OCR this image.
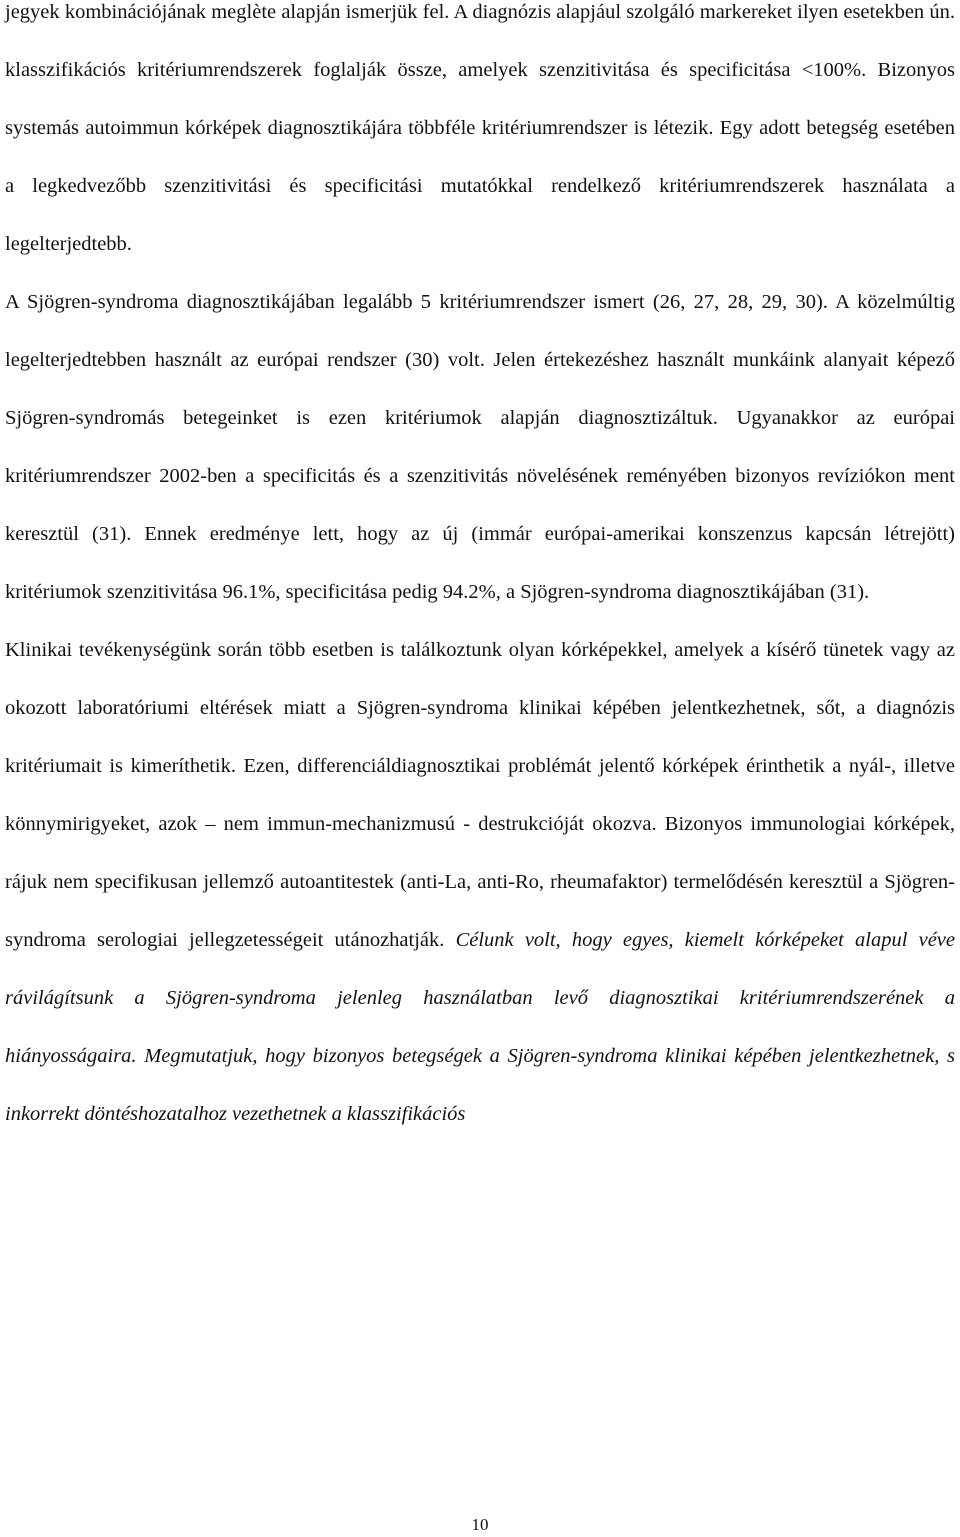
jegyek kombinációjának meglète alapján ismerjük fel. A diagnózis alapjául szolgáló markereket ilyen esetekben ún. klasszifikációs kritériumrendszerek foglalják össze, amelyek szenzitivitása és specificitása <100%. Bizonyos systemás autoimmun kórképek diagnosztikájára többféle kritériumrendszer is létezik. Egy adott betegség esetében a legkedvezőbb szenzitivitási és specificitási mutatókkal rendelkező kritériumrendszerek használata a legelterjedtebb.

A Sjögren-syndroma diagnosztikájában legalább 5 kritériumrendszer ismert (26, 27, 28, 29, 30). A közelmúltig legelterjedtebben használt az európai rendszer (30) volt. Jelen értekezéshez használt munkáink alanyait képező Sjögren-syndromás betegeinket is ezen kritériumok alapján diagnosztizáltuk. Ugyanakkor az európai kritériumrendszer 2002-ben a specificitás és a szenzitivitás növelésének reményében bizonyos revíziókon ment keresztül (31). Ennek eredménye lett, hogy az új (immár európai-amerikai konszenzus kapcsán létrejött) kritériumok szenzitivitása 96.1%, specificitása pedig 94.2%, a Sjögren-syndroma diagnosztikájában (31).

Klinikai tevékenységünk során több esetben is találkoztunk olyan kórképekkel, amelyek a kísérő tünetek vagy az okozott laboratóriumi eltérések miatt a Sjögren-syndroma klinikai képében jelentkezhetnek, sőt, a diagnózis kritériumait is kimeríthetik. Ezen, differenciáldiagnosztikai problémát jelentő kórképek érinthetik a nyál-, illetve könnymirigyeket, azok – nem immun-mechanizmusú - destrukcióját okozva. Bizonyos immunologiai kórképek, rájuk nem specifikusan jellemző autoantitestek (anti-La, anti-Ro, rheumafaktor) termelődésén keresztül a Sjögren-syndroma serologiai jellegzetességeit utánozhatják. Célunk volt, hogy egyes, kiemelt kórképeket alapul véve rávilágítsunk a Sjögren-syndroma jelenleg használatban levő diagnosztikai kritériumrendszerének a hiányosságaira. Megmutatjuk, hogy bizonyos betegségek a Sjögren-syndroma klinikai képében jelentkezhetnek, s inkorrekt döntéshozatalhoz vezethetnek a klasszifikációs

10
